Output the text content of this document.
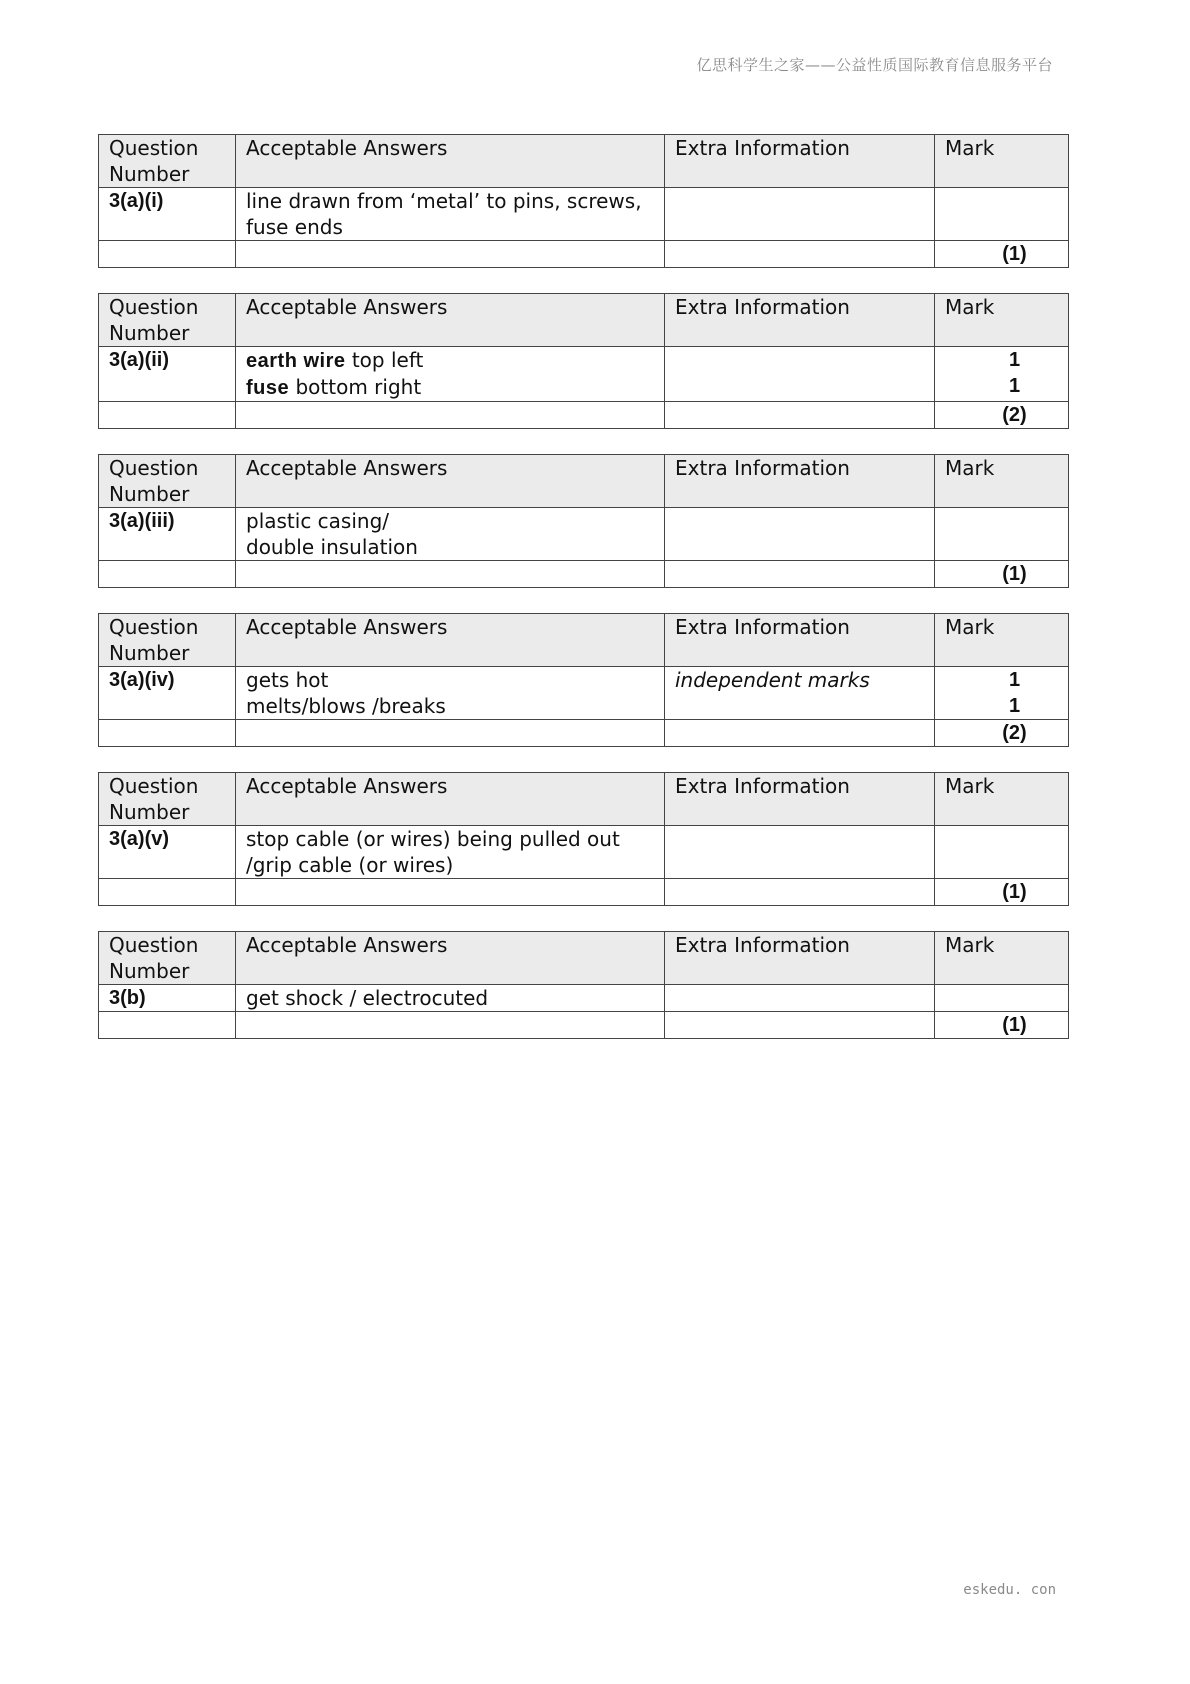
亿思科学生之家——公益性质国际教育信息服务平台
Question
Number	Acceptable Answers	Extra Information	Mark
3(a)(i)	line drawn from ‘metal’ to pins, screws,
fuse ends		

			(1)
Question
Number	Acceptable Answers	Extra Information	Mark
3(a)(ii)	earth wire top left
fuse bottom right		1
1

			(2)
Question
Number	Acceptable Answers	Extra Information	Mark
3(a)(iii)	plastic casing/
double insulation		

			(1)
Question
Number	Acceptable Answers	Extra Information	Mark
3(a)(iv)	gets hot
melts/blows /breaks	independent marks	1
1

			(2)
Question
Number	Acceptable Answers	Extra Information	Mark
3(a)(v)	stop cable (or wires) being pulled out
/grip cable (or wires)		

			(1)
Question
Number	Acceptable Answers	Extra Information	Mark
3(b)	get shock / electrocuted		

			(1)
eskedu. con
